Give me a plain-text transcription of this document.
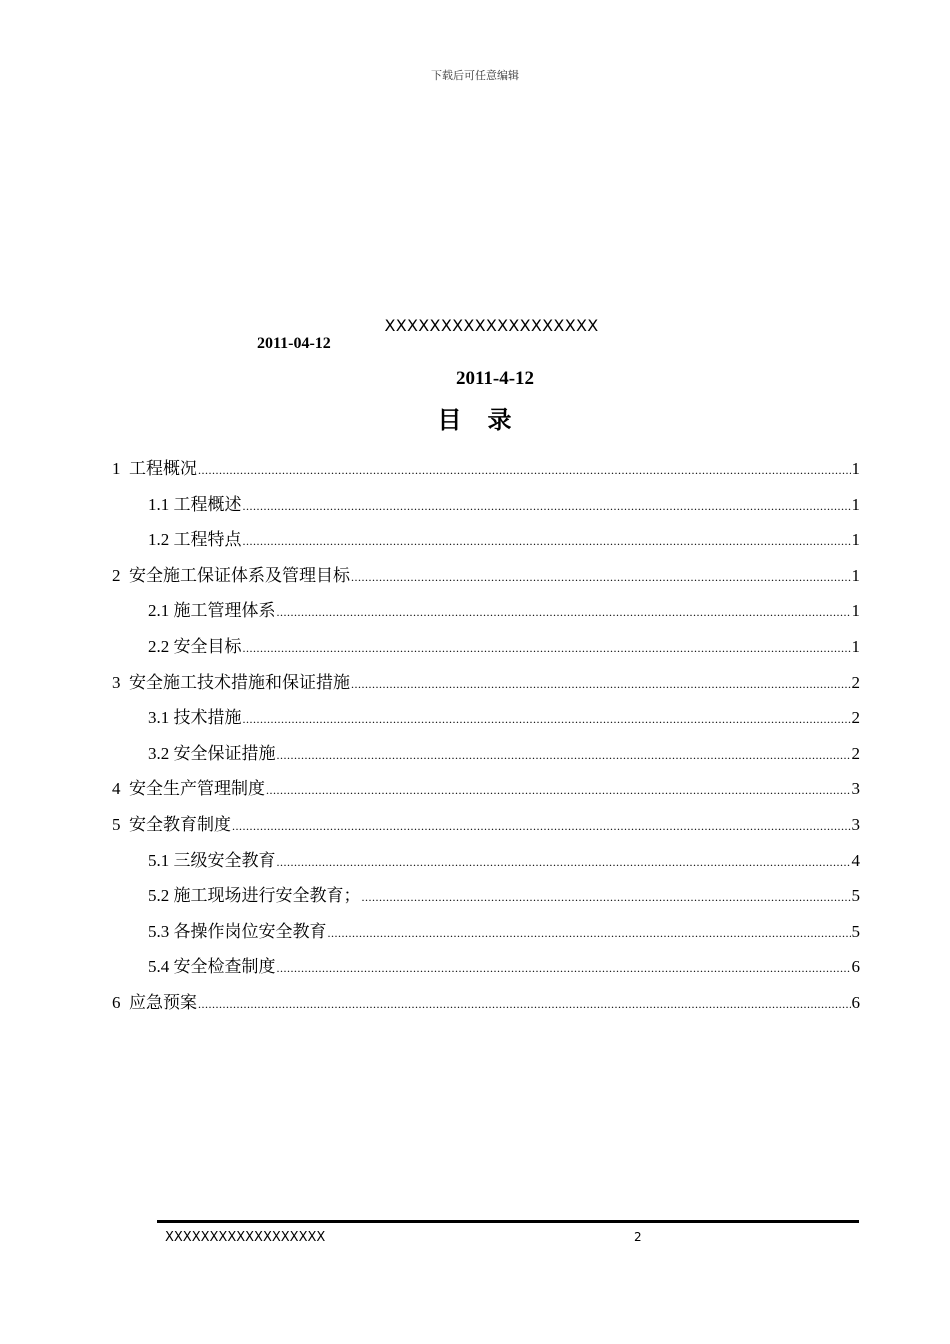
下载后可任意编辑
XXXXXXXXXXXXXXXXXXX
2011-04-12
2011-4-12
目录
1 工程概况 .....	1
1.1 工程概述 .....	1
1.2 工程特点 .....	1
2 安全施工保证体系及管理目标 .....	1
2.1 施工管理体系 .....	1
2.2 安全目标 .....	1
3 安全施工技术措施和保证措施 .....	2
3.1 技术措施 .....	2
3.2 安全保证措施 .....	2
4 安全生产管理制度 .....	3
5 安全教育制度 .....	3
5.1 三级安全教育 .....	4
5.2 施工现场进行安全教育； .....	5
5.3 各操作岗位安全教育 .....	5
5.4 安全检查制度 .....	6
6 应急预案 .....	6
XXXXXXXXXXXXXXXXXX	2
